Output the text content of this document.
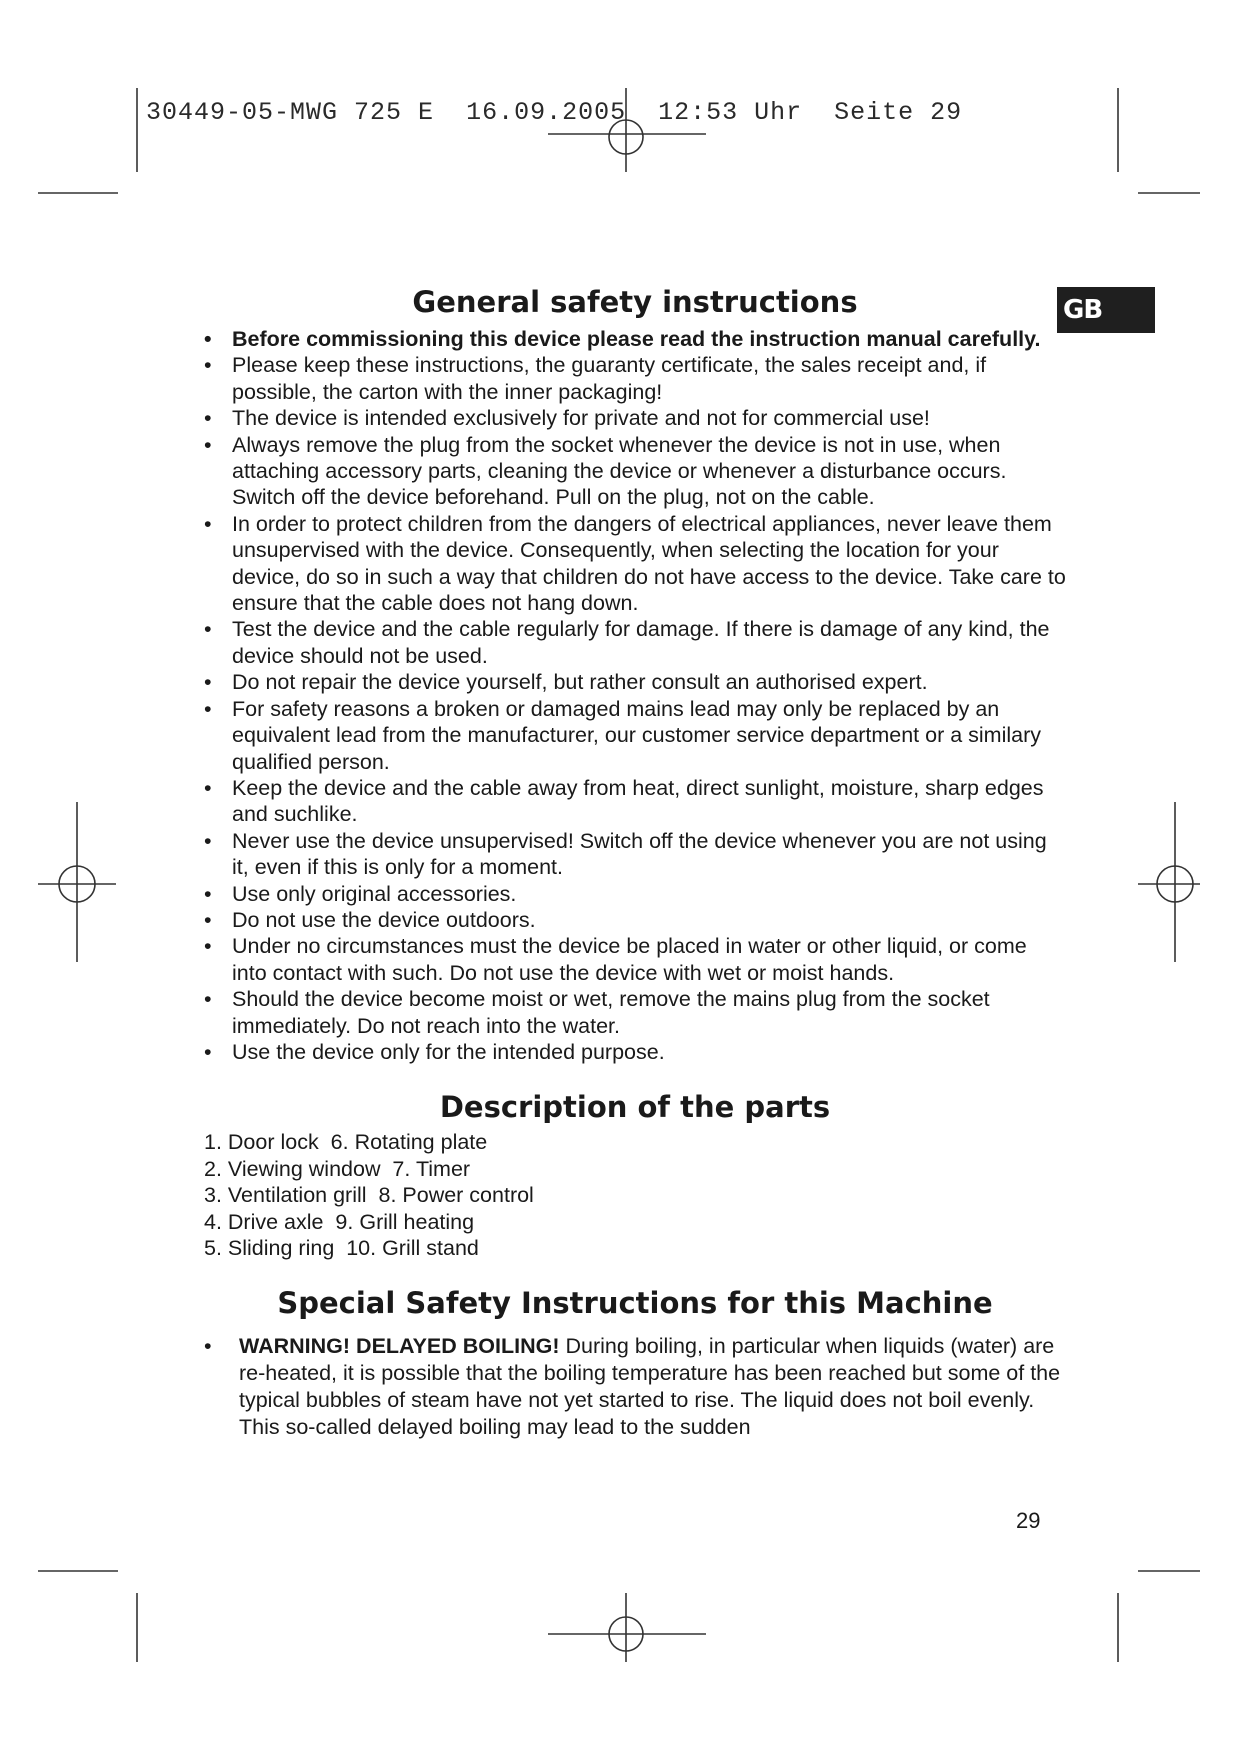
30449-05-MWG 725 E 16.09.2005 12:53 Uhr Seite 29
GB
General safety instructions
• Before commissioning this device please read the instruction manual carefully.
• Please keep these instructions, the guaranty certificate, the sales receipt and, if possible, the carton with the inner packaging!
• The device is intended exclusively for private and not for commercial use!
• Always remove the plug from the socket whenever the device is not in use, when attaching accessory parts, cleaning the device or whenever a disturbance occurs. Switch off the device beforehand. Pull on the plug, not on the cable.
• In order to protect children from the dangers of electrical appliances, never leave them unsupervised with the device. Consequently, when selecting the location for your device, do so in such a way that children do not have access to the device. Take care to ensure that the cable does not hang down.
• Test the device and the cable regularly for damage. If there is damage of any kind, the device should not be used.
• Do not repair the device yourself, but rather consult an authorised expert.
• For safety reasons a broken or damaged mains lead may only be replaced by an equivalent lead from the manufacturer, our customer service department or a similary qualified person.
• Keep the device and the cable away from heat, direct sunlight, moisture, sharp edges and suchlike.
• Never use the device unsupervised! Switch off the device whenever you are not using it, even if this is only for a moment.
• Use only original accessories.
• Do not use the device outdoors.
• Under no circumstances must the device be placed in water or other liquid, or come into contact with such. Do not use the device with wet or moist hands.
• Should the device become moist or wet, remove the mains plug from the socket immediately. Do not reach into the water.
• Use the device only for the intended purpose.
Description of the parts
1. Door lock  6. Rotating plate
2. Viewing window  7. Timer
3. Ventilation grill  8. Power control
4. Drive axle  9. Grill heating
5. Sliding ring  10. Grill stand
Special Safety Instructions for this Machine
• WARNING! DELAYED BOILING! During boiling, in particular when liquids (water) are re-heated, it is possible that the boiling temperature has been reached but some of the typical bubbles of steam have not yet started to rise. The liquid does not boil evenly. This so-called delayed boiling may lead to the sudden
29
